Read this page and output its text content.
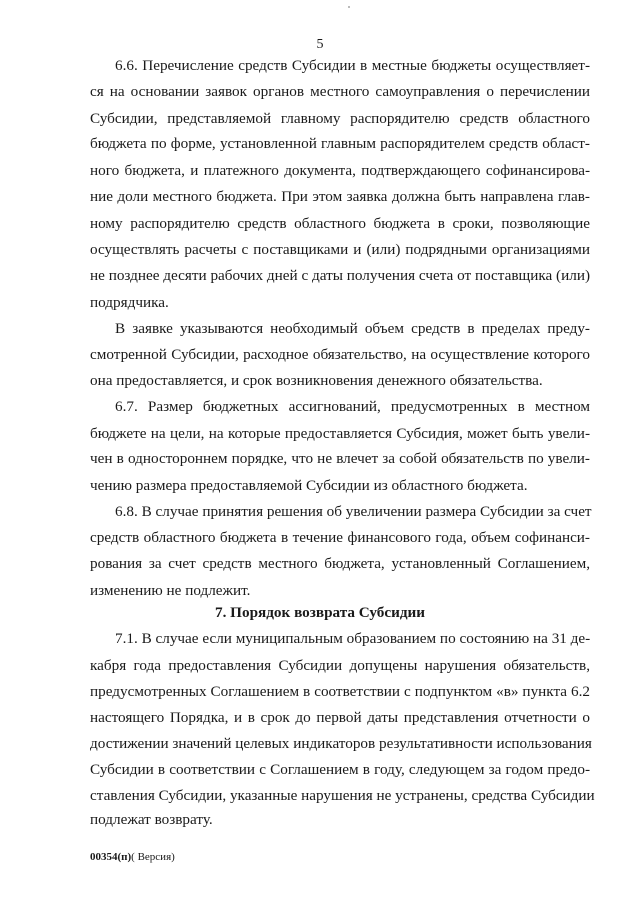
5
6.6. Перечисление средств Субсидии в местные бюджеты осуществляет-
ся на основании заявок органов местного самоуправления о перечислении
Субсидии, представляемой главному распорядителю средств областного
бюджета по форме, установленной главным распорядителем средств област-
ного бюджета, и платежного документа, подтверждающего софинансирова-
ние доли местного бюджета. При этом заявка должна быть направлена глав-
ному распорядителю средств областного бюджета в сроки, позволяющие
осуществлять расчеты с поставщиками и (или) подрядными организациями
не позднее десяти рабочих дней с даты получения счета от поставщика (или)
подрядчика.
В заявке указываются необходимый объем средств в пределах преду-
смотренной Субсидии, расходное обязательство, на осуществление которого
она предоставляется, и срок возникновения денежного обязательства.
6.7. Размер бюджетных ассигнований, предусмотренных в местном
бюджете на цели, на которые предоставляется Субсидия, может быть увели-
чен в одностороннем порядке, что не влечет за собой обязательств по увели-
чению размера предоставляемой Субсидии из областного бюджета.
6.8. В случае принятия решения об увеличении размера Субсидии за счет
средств областного бюджета в течение финансового года, объем софинанси-
рования за счет средств местного бюджета, установленный Соглашением,
изменению не подлежит.
7. Порядок возврата Субсидии
7.1. В случае если муниципальным образованием по состоянию на 31 де-
кабря года предоставления Субсидии допущены нарушения обязательств,
предусмотренных Соглашением в соответствии с подпунктом «в» пункта 6.2
настоящего Порядка, и в срок до первой даты представления отчетности о
достижении значений целевых индикаторов результативности использования
Субсидии в соответствии с Соглашением в году, следующем за годом предо-
ставления Субсидии, указанные нарушения не устранены, средства Субсидии
подлежат возврату.
00354(п)( Версия)
